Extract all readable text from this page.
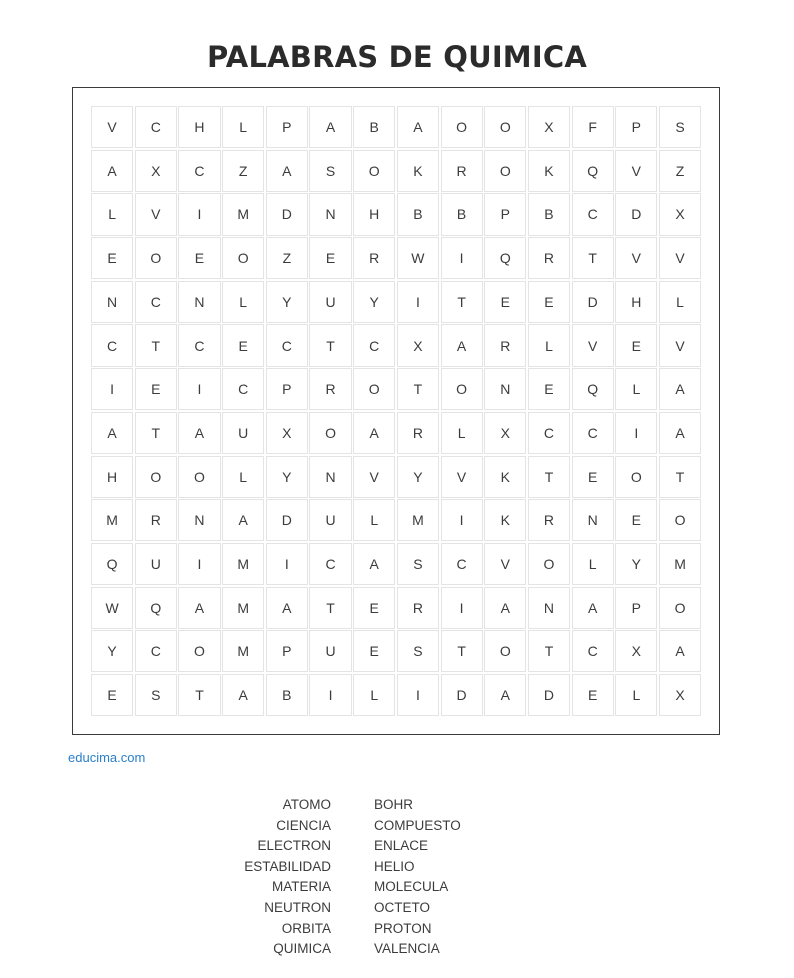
PALABRAS DE QUIMICA
V	C	H	L	P	A	B	A	O	O	X	F	P	S
A	X	C	Z	A	S	O	K	R	O	K	Q	V	Z
L	V	I	M	D	N	H	B	B	P	B	C	D	X
E	O	E	O	Z	E	R	W	I	Q	R	T	V	V
N	C	N	L	Y	U	Y	I	T	E	E	D	H	L
C	T	C	E	C	T	C	X	A	R	L	V	E	V
I	E	I	C	P	R	O	T	O	N	E	Q	L	A
A	T	A	U	X	O	A	R	L	X	C	C	I	A
H	O	O	L	Y	N	V	Y	V	K	T	E	O	T
M	R	N	A	D	U	L	M	I	K	R	N	E	O
Q	U	I	M	I	C	A	S	C	V	O	L	Y	M
W	Q	A	M	A	T	E	R	I	A	N	A	P	O
Y	C	O	M	P	U	E	S	T	O	T	C	X	A
E	S	T	A	B	I	L	I	D	A	D	E	L	X
educima.com
ATOMO	BOHR
CIENCIA	COMPUESTO
ELECTRON	ENLACE
ESTABILIDAD	HELIO
MATERIA	MOLECULA
NEUTRON	OCTETO
ORBITA	PROTON
QUIMICA	VALENCIA
